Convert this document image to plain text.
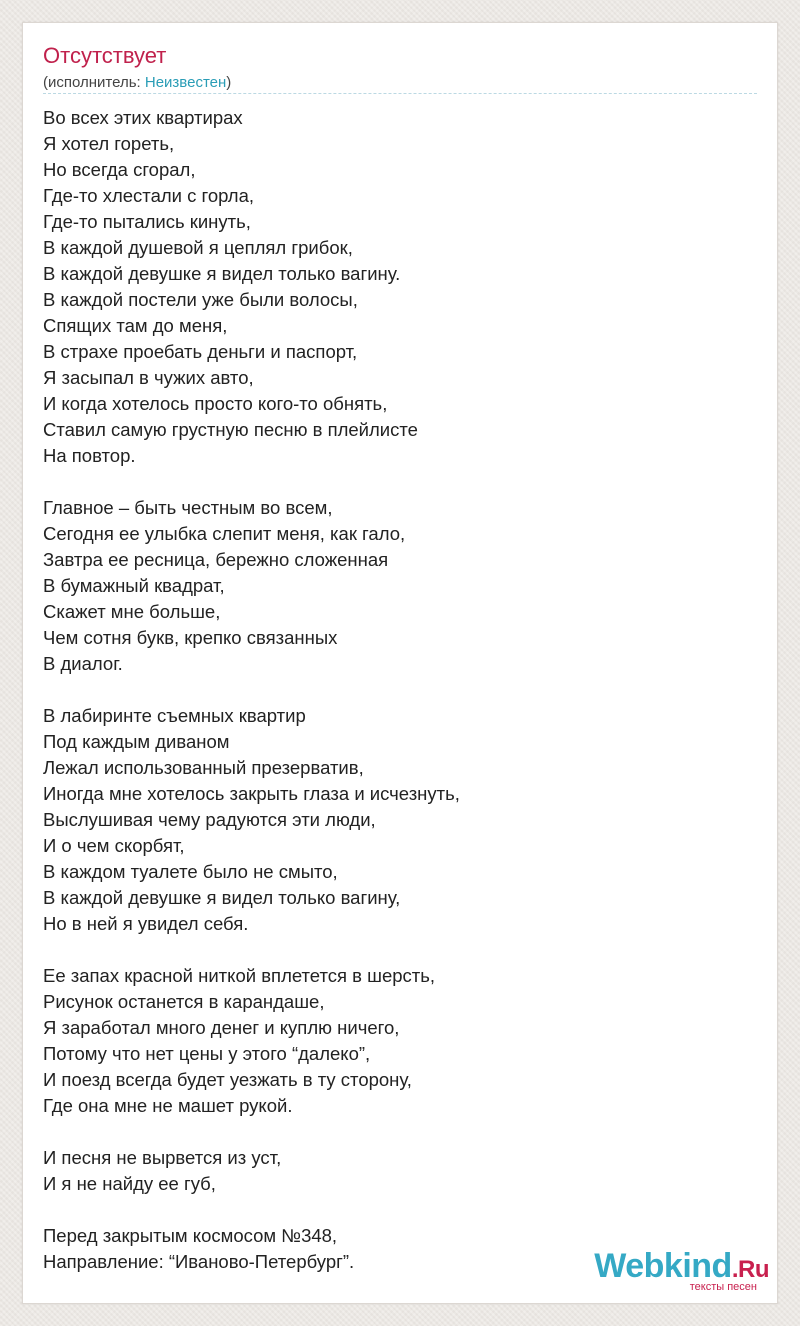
Отсутствует
(исполнитель: Неизвестен)
Во всех этих квартирах
Я хотел гореть,
Но всегда сгорал,
Где-то хлестали с горла,
Где-то пытались кинуть,
В каждой душевой я цеплял грибок,
В каждой девушке я видел только вагину.
В каждой постели уже были волосы,
Спящих там до меня,
В страхе проебать деньги и паспорт,
Я засыпал в чужих авто,
И когда хотелось просто кого-то обнять,
Ставил самую грустную песню в плейлисте
На повтор.
Главное – быть честным во всем,
Сегодня ее улыбка слепит меня, как гало,
Завтра ее ресница, бережно сложенная
В бумажный квадрат,
Скажет мне больше,
Чем сотня букв, крепко связанных
В диалог.
В лабиринте съемных квартир
Под каждым диваном
Лежал использованный презерватив,
Иногда мне хотелось закрыть глаза и исчезнуть,
Выслушивая чему радуются эти люди,
И о чем скорбят,
В каждом туалете было не смыто,
В каждой девушке я видел только вагину,
Но в ней я увидел себя.
Ее запах красной ниткой вплетется в шерсть,
Рисунок останется в карандаше,
Я заработал много денег и куплю ничего,
Потому что нет цены у этого “далеко”,
И поезд всегда будет уезжать в ту сторону,
Где она мне не машет рукой.
И песня не вырвется из уст,
И я не найду ее губ,
Перед закрытым космосом №348,
Направление: “Иваново-Петербург”.	Webkind.Ru
тексты песен
